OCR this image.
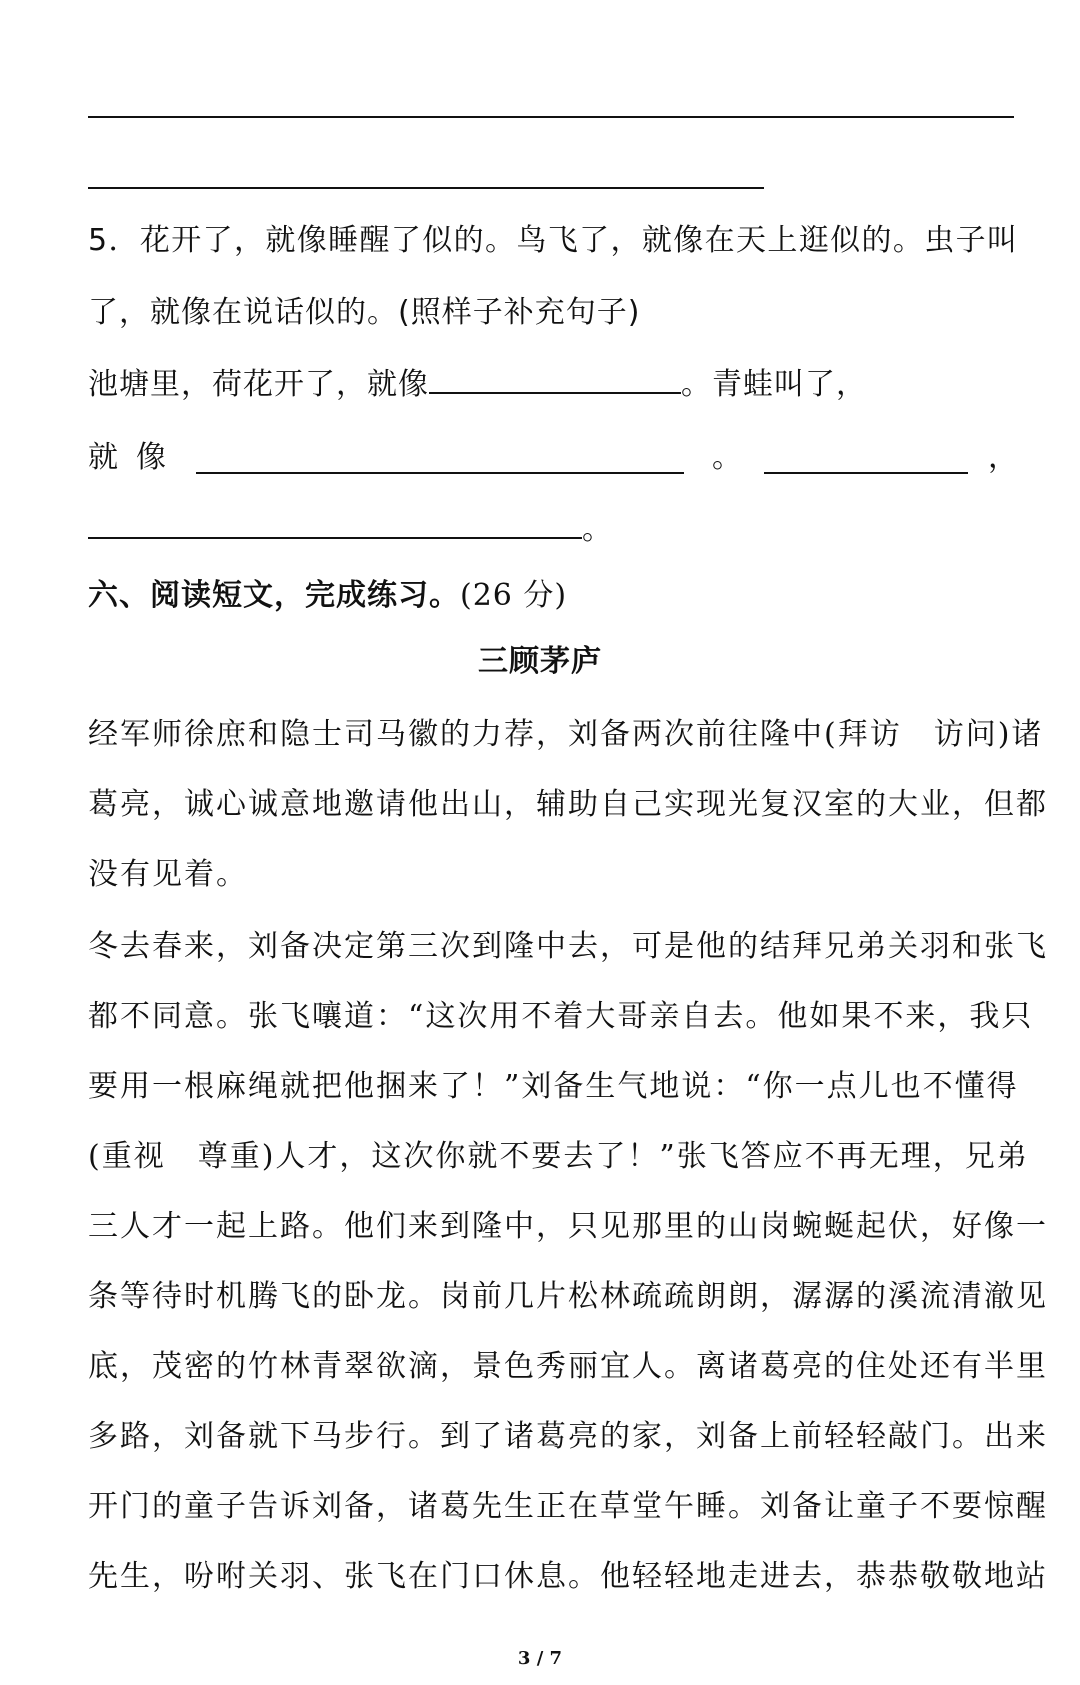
5．花开了，就像睡醒了似的。鸟飞了，就像在天上逛似的。虫子叫
了，就像在说话似的。(照样子补充句子)
池塘里，荷花开了，就像	。青蛙叫了，
就 像	。	，
。
六、阅读短文，完成练习。(26 分)
三顾茅庐
经军师徐庶和隐士司马徽的力荐，刘备两次前往隆中(拜访　访问)诸
葛亮，诚心诚意地邀请他出山，辅助自己实现光复汉室的大业，但都
没有见着。
冬去春来，刘备决定第三次到隆中去，可是他的结拜兄弟关羽和张飞
都不同意。张飞嚷道：“这次用不着大哥亲自去。他如果不来，我只
要用一根麻绳就把他捆来了！”刘备生气地说：“你一点儿也不懂得
(重视　尊重)人才，这次你就不要去了！”张飞答应不再无理，兄弟
三人才一起上路。他们来到隆中，只见那里的山岗蜿蜒起伏，好像一
条等待时机腾飞的卧龙。岗前几片松林疏疏朗朗，潺潺的溪流清澈见
底，茂密的竹林青翠欲滴，景色秀丽宜人。离诸葛亮的住处还有半里
多路，刘备就下马步行。到了诸葛亮的家，刘备上前轻轻敲门。出来
开门的童子告诉刘备，诸葛先生正在草堂午睡。刘备让童子不要惊醒
先生，吩咐关羽、张飞在门口休息。他轻轻地走进去，恭恭敬敬地站
3 / 7
